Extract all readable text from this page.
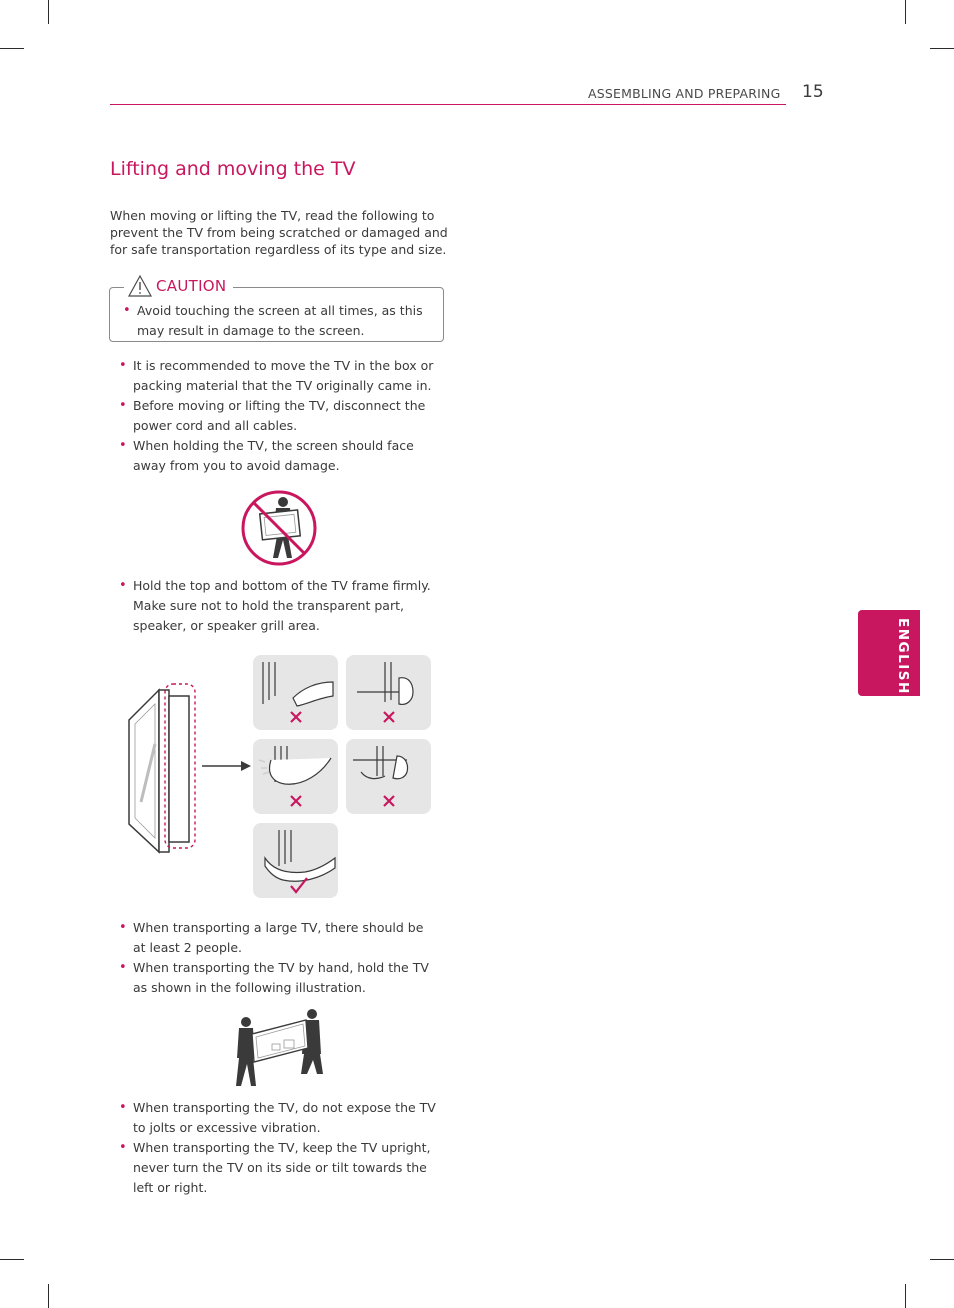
ASSEMBLING AND PREPARING 15
Lifting and moving the TV
When moving or lifting the TV, read the following to prevent the TV from being scratched or damaged and for safe transportation regardless of its type and size.
CAUTION
• Avoid touching the screen at all times, as this may result in damage to the screen.
• It is recommended to move the TV in the box or packing material that the TV originally came in.
• Before moving or lifting the TV, disconnect the power cord and all cables.
• When holding the TV, the screen should face away from you to avoid damage.
• Hold the top and bottom of the TV frame firmly. Make sure not to hold the transparent part, speaker, or speaker grill area.
• When transporting a large TV, there should be at least 2 people.
• When transporting the TV by hand, hold the TV as shown in the following illustration.
• When transporting the TV, do not expose the TV to jolts or excessive vibration.
• When transporting the TV, keep the TV upright, never turn the TV on its side or tilt towards the left or right.
ENGLISH
